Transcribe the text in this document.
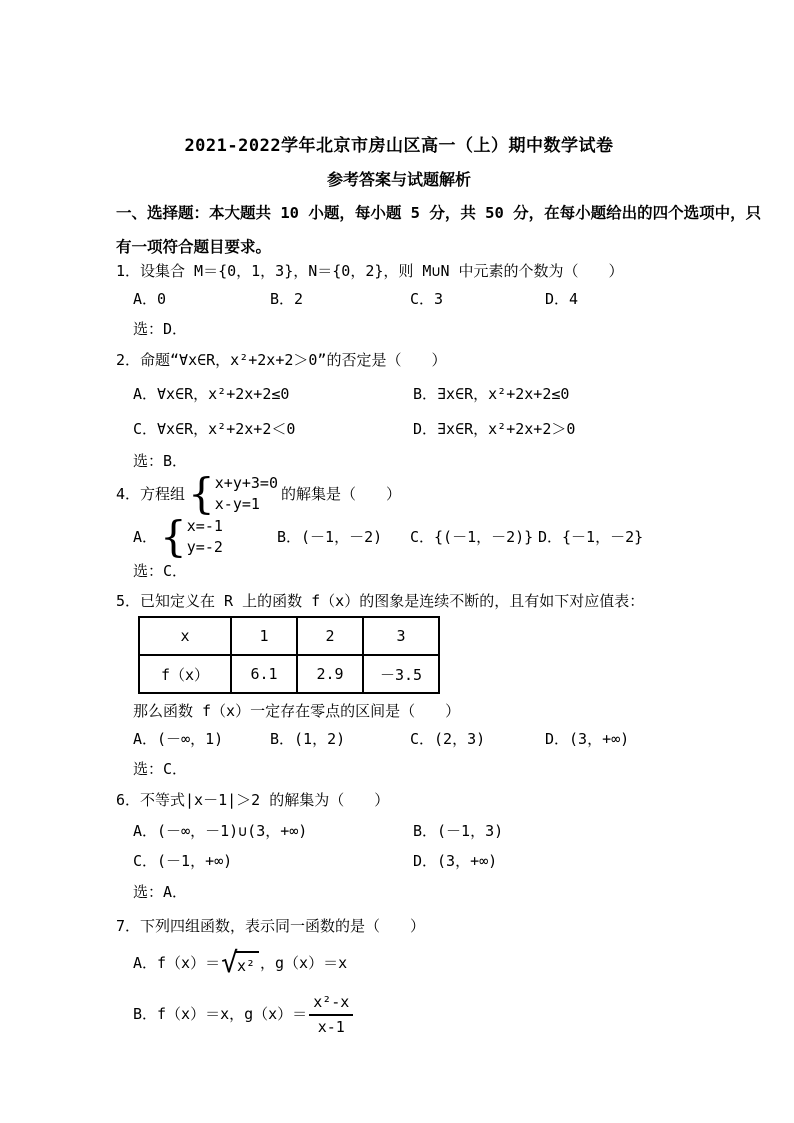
2021-2022学年北京市房山区高一（上）期中数学试卷
参考答案与试题解析
一、选择题：本大题共 10 小题，每小题 5 分，共 50 分，在每小题给出的四个选项中，只
有一项符合题目要求。
1．设集合 M＝{0，1，3}，N＝{0，2}，则 M∪N 中元素的个数为（　　）
A．0	B．2	C．3	D．4
选：D．
2．命题“∀x∈R，x²+2x+2＞0”的否定是（　　）
A．∀x∈R，x²+2x+2≤0	B．∃x∈R，x²+2x+2≤0
C．∀x∈R，x²+2x+2＜0	D．∃x∈R，x²+2x+2＞0
选：B．
4．方程组
{
x+y+3=0
x-y=1
的解集是（　　）
A．
{
x=-1
y=-2
B．(－1，－2) C．{(－1，－2)} D．{－1，－2}
选：C．
5．已知定义在 R 上的函数 f（x）的图象是连续不断的，且有如下对应值表：
x	1	2	3
f（x）	6.1	2.9	－3.5
那么函数 f（x）一定存在零点的区间是（　　）
A．(－∞，1)	B．(1，2)	C．(2，3)	D．(3，+∞)
选：C．
6．不等式|x－1|＞2 的解集为（　　）
A．(－∞，－1)∪(3，+∞)	B．(－1，3)
C．(－1，+∞)	D．(3，+∞)
选：A．
7．下列四组函数，表示同一函数的是（　　）
A．f（x）＝ √ x² ，g（x）＝x
B．f（x）＝x，$g(x)= \frac{\text{x²-x}}{x-1}$
